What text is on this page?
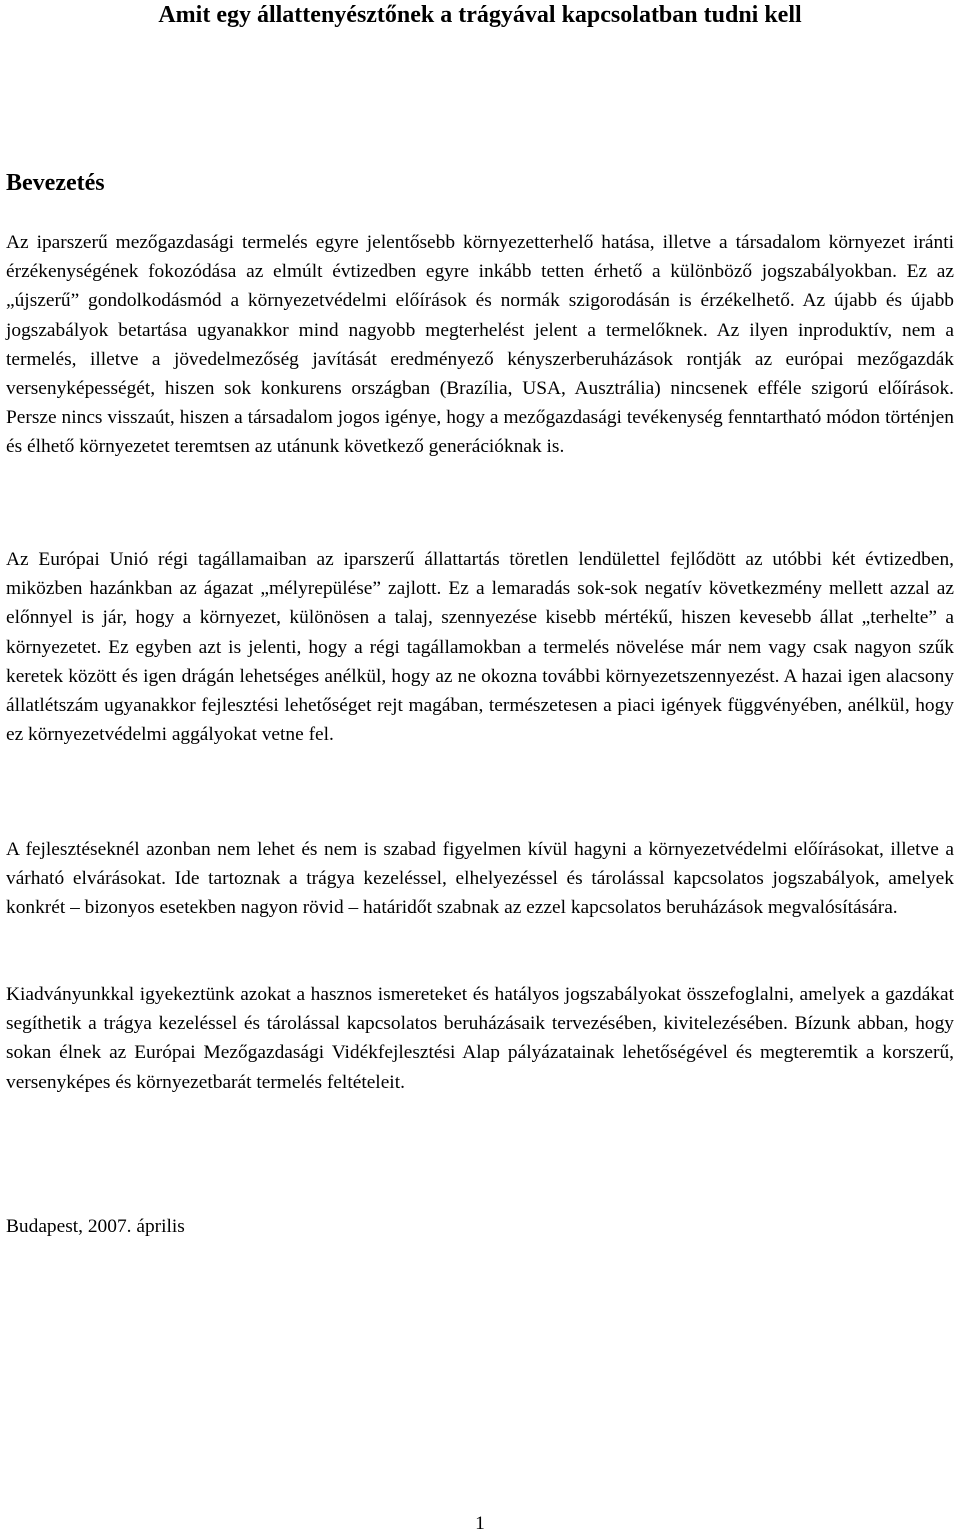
Amit egy állattenyésztőnek a trágyával kapcsolatban tudni kell
Bevezetés

Az iparszerű mezőgazdasági termelés egyre jelentősebb környezetterhelő hatása, illetve a társadalom környezet iránti érzékenységének fokozódása az elmúlt évtizedben egyre inkább tetten érhető a különböző jogszabályokban. Ez az „újszerű” gondolkodásmód a környezetvédelmi előírások és normák szigorodásán is érzékelhető. Az újabb és újabb jogszabályok betartása ugyanakkor mind nagyobb megterhelést jelent a termelőknek. Az ilyen inproduktív, nem a termelés, illetve a jövedelmezőség javítását eredményező kényszerberuházások rontják az európai mezőgazdák versenyképességét, hiszen sok konkurens országban (Brazília, USA, Ausztrália) nincsenek efféle szigorú előírások. Persze nincs visszaút, hiszen a társadalom jogos igénye, hogy a mezőgazdasági tevékenység fenntartható módon történjen és élhető környezetet teremtsen az utánunk következő generációknak is.

Az Európai Unió régi tagállamaiban az iparszerű állattartás töretlen lendülettel fejlődött az utóbbi két évtizedben, miközben hazánkban az ágazat „mélyrepülése” zajlott. Ez a lemaradás sok-sok negatív következmény mellett azzal az előnnyel is jár, hogy a környezet, különösen a talaj, szennyezése kisebb mértékű, hiszen kevesebb állat „terhelte” a környezetet. Ez egyben azt is jelenti, hogy a régi tagállamokban a termelés növelése már nem vagy csak nagyon szűk keretek között és igen drágán lehetséges anélkül, hogy az ne okozna további környezetszennyezést. A hazai igen alacsony állatlétszám ugyanakkor fejlesztési lehetőséget rejt magában, természetesen a piaci igények függvényében, anélkül, hogy ez környezetvédelmi aggályokat vetne fel.

A fejlesztéseknél azonban nem lehet és nem is szabad figyelmen kívül hagyni a környezetvédelmi előírásokat, illetve a várható elvárásokat. Ide tartoznak a trágya kezeléssel, elhelyezéssel és tárolással kapcsolatos jogszabályok, amelyek konkrét – bizonyos esetekben nagyon rövid – határidőt szabnak az ezzel kapcsolatos beruházások megvalósítására.

Kiadványunkkal igyekeztünk azokat a hasznos ismereteket és hatályos jogszabályokat összefoglalni, amelyek a gazdákat segíthetik a trágya kezeléssel és tárolással kapcsolatos beruházásaik tervezésében, kivitelezésében. Bízunk abban, hogy sokan élnek az Európai Mezőgazdasági Vidékfejlesztési Alap pályázatainak lehetőségével és megteremtik a korszerű, versenyképes és környezetbarát termelés feltételeit.

Budapest, 2007. április

1
